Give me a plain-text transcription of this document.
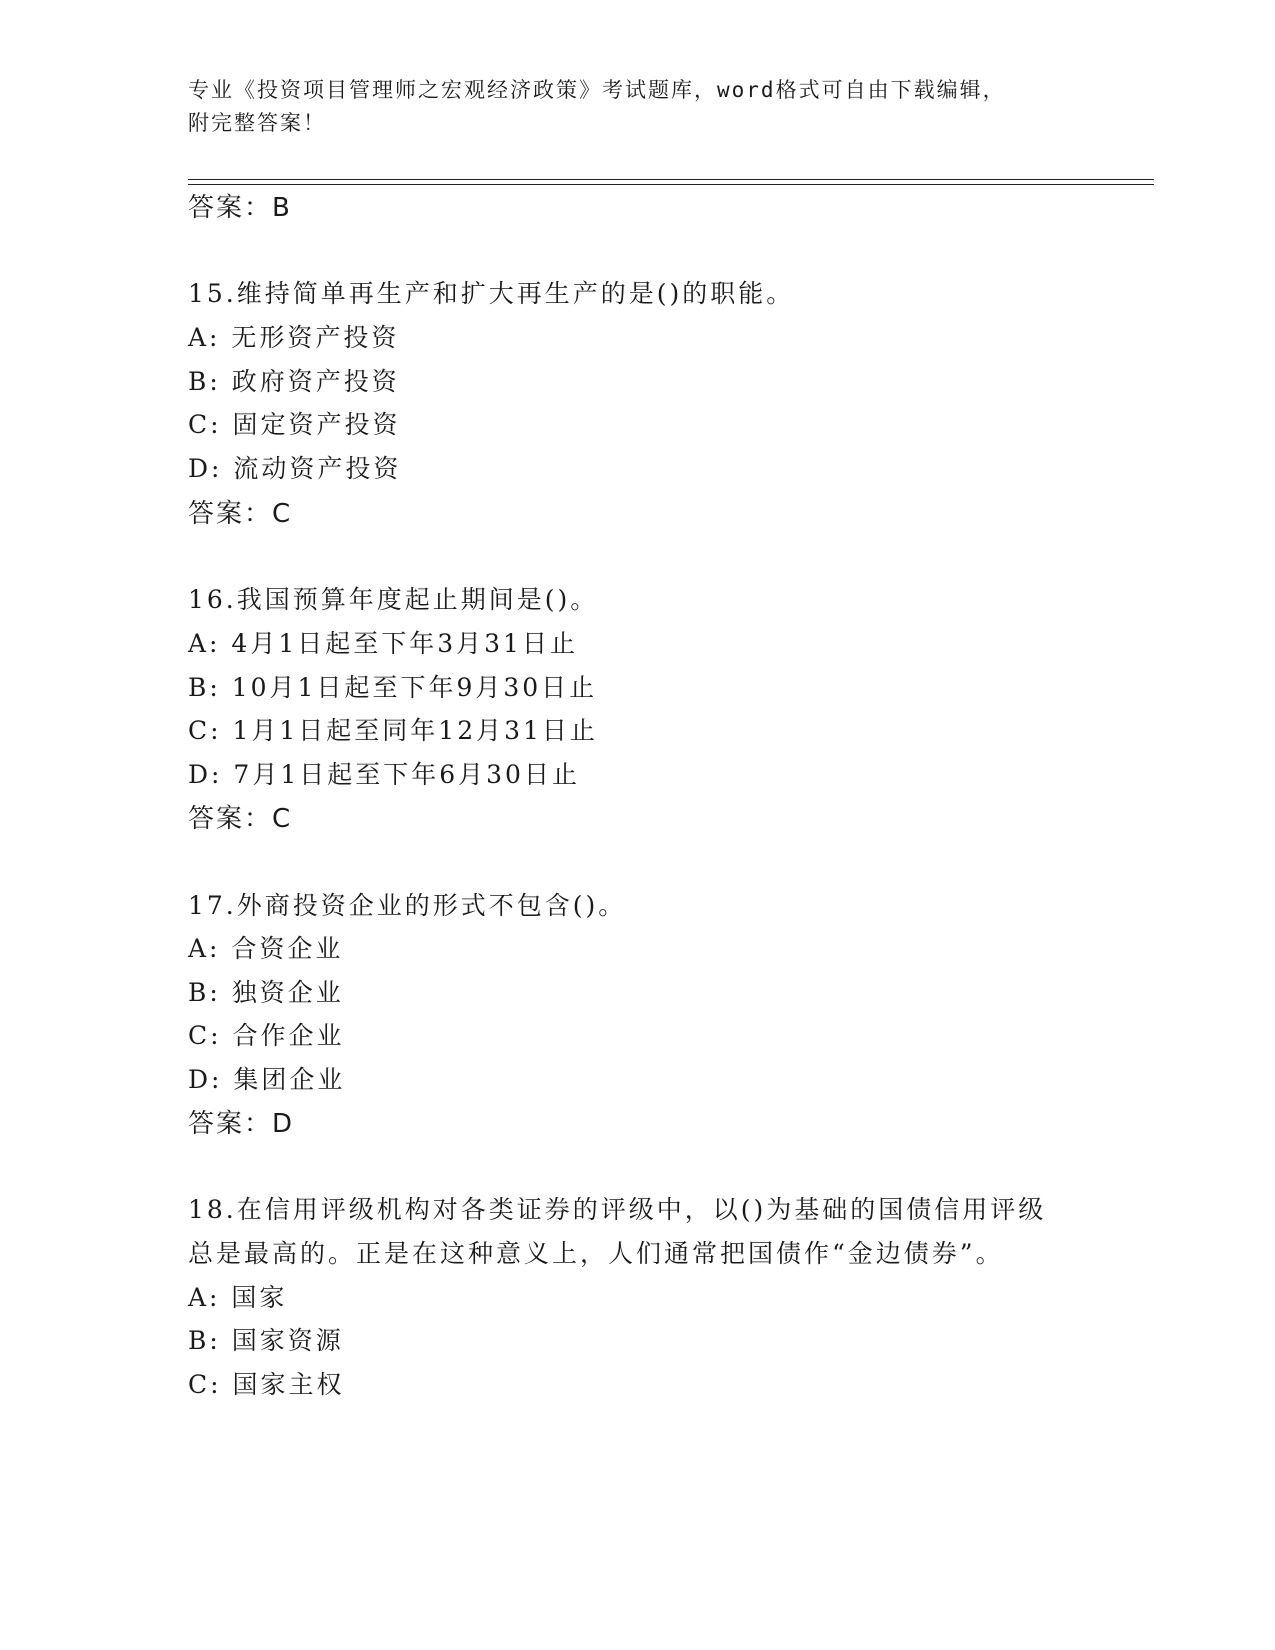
专业《投资项目管理师之宏观经济政策》考试题库，word格式可自由下载编辑，
附完整答案！
答案：B
15.维持简单再生产和扩大再生产的是()的职能。
A: 无形资产投资
B: 政府资产投资
C: 固定资产投资
D: 流动资产投资
答案：C
16.我国预算年度起止期间是()。
A: 4月1日起至下年3月31日止
B: 10月1日起至下年9月30日止
C: 1月1日起至同年12月31日止
D: 7月1日起至下年6月30日止
答案：C
17.外商投资企业的形式不包含()。
A: 合资企业
B: 独资企业
C: 合作企业
D: 集团企业
答案：D
18.在信用评级机构对各类证券的评级中，以()为基础的国债信用评级
总是最高的。正是在这种意义上，人们通常把国债作“金边债券”。
A: 国家
B: 国家资源
C: 国家主权
